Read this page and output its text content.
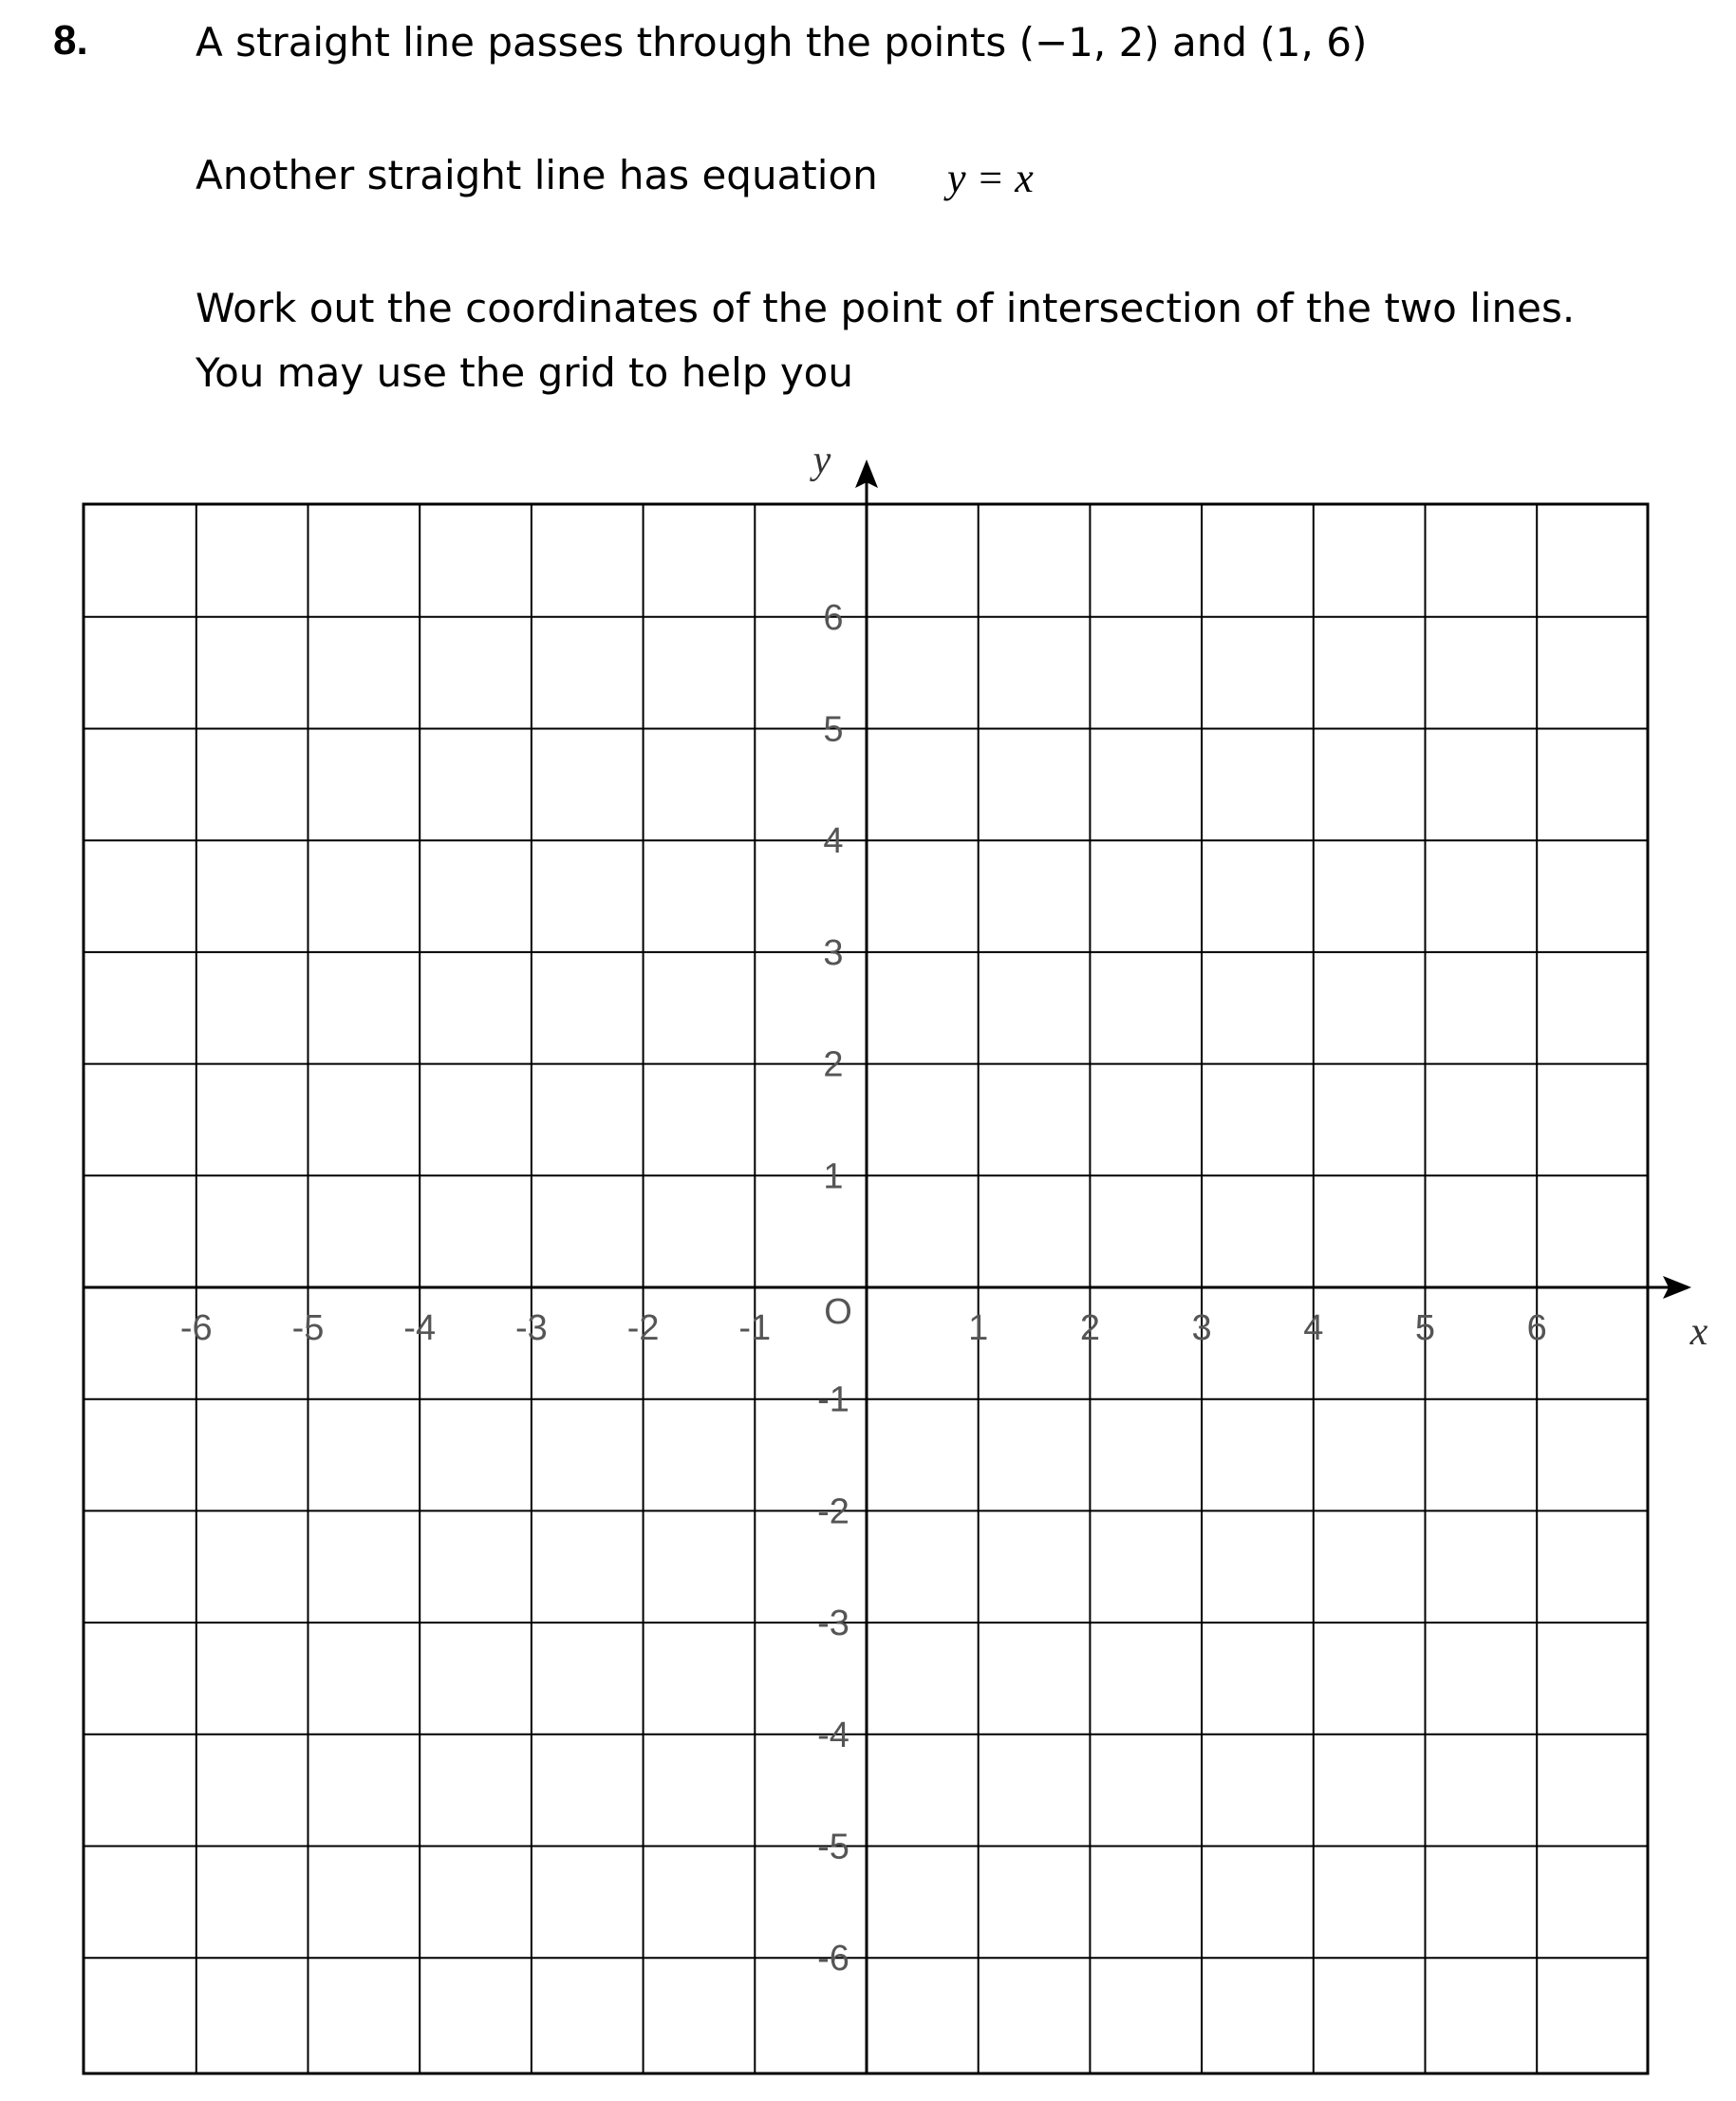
8.	A straight line passes through the points (−1, 2) and (1, 6)
Another straight line has equation y = x
Work out the coordinates of the point of intersection of the two lines.
You may use the grid to help you
-6 -5 -4 -3 -2 -1	1	2	3	4	5	6
6
5
4
3
2
1
-1
-2
-3
-4
-5
-6
O	x
y
